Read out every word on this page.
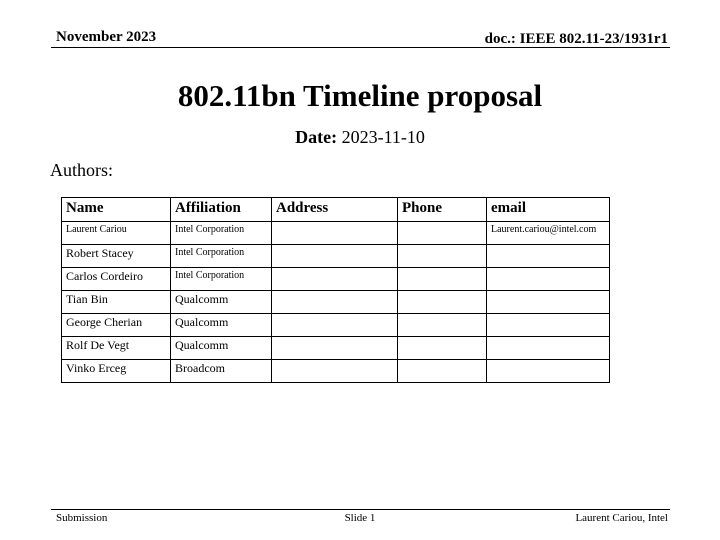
November 2023	doc.: IEEE 802.11-23/1931r1
802.11bn Timeline proposal
Date: 2023-11-10
Authors:
Name	Affiliation	Address	Phone	email
Laurent Cariou	Intel Corporation			Laurent.cariou@intel.com
Robert Stacey	Intel Corporation			
Carlos Cordeiro	Intel Corporation			
Tian Bin	Qualcomm			
George Cherian	Qualcomm			
Rolf De Vegt	Qualcomm			
Vinko Erceg	Broadcom			
Submission	Slide 1	Laurent Cariou, Intel
